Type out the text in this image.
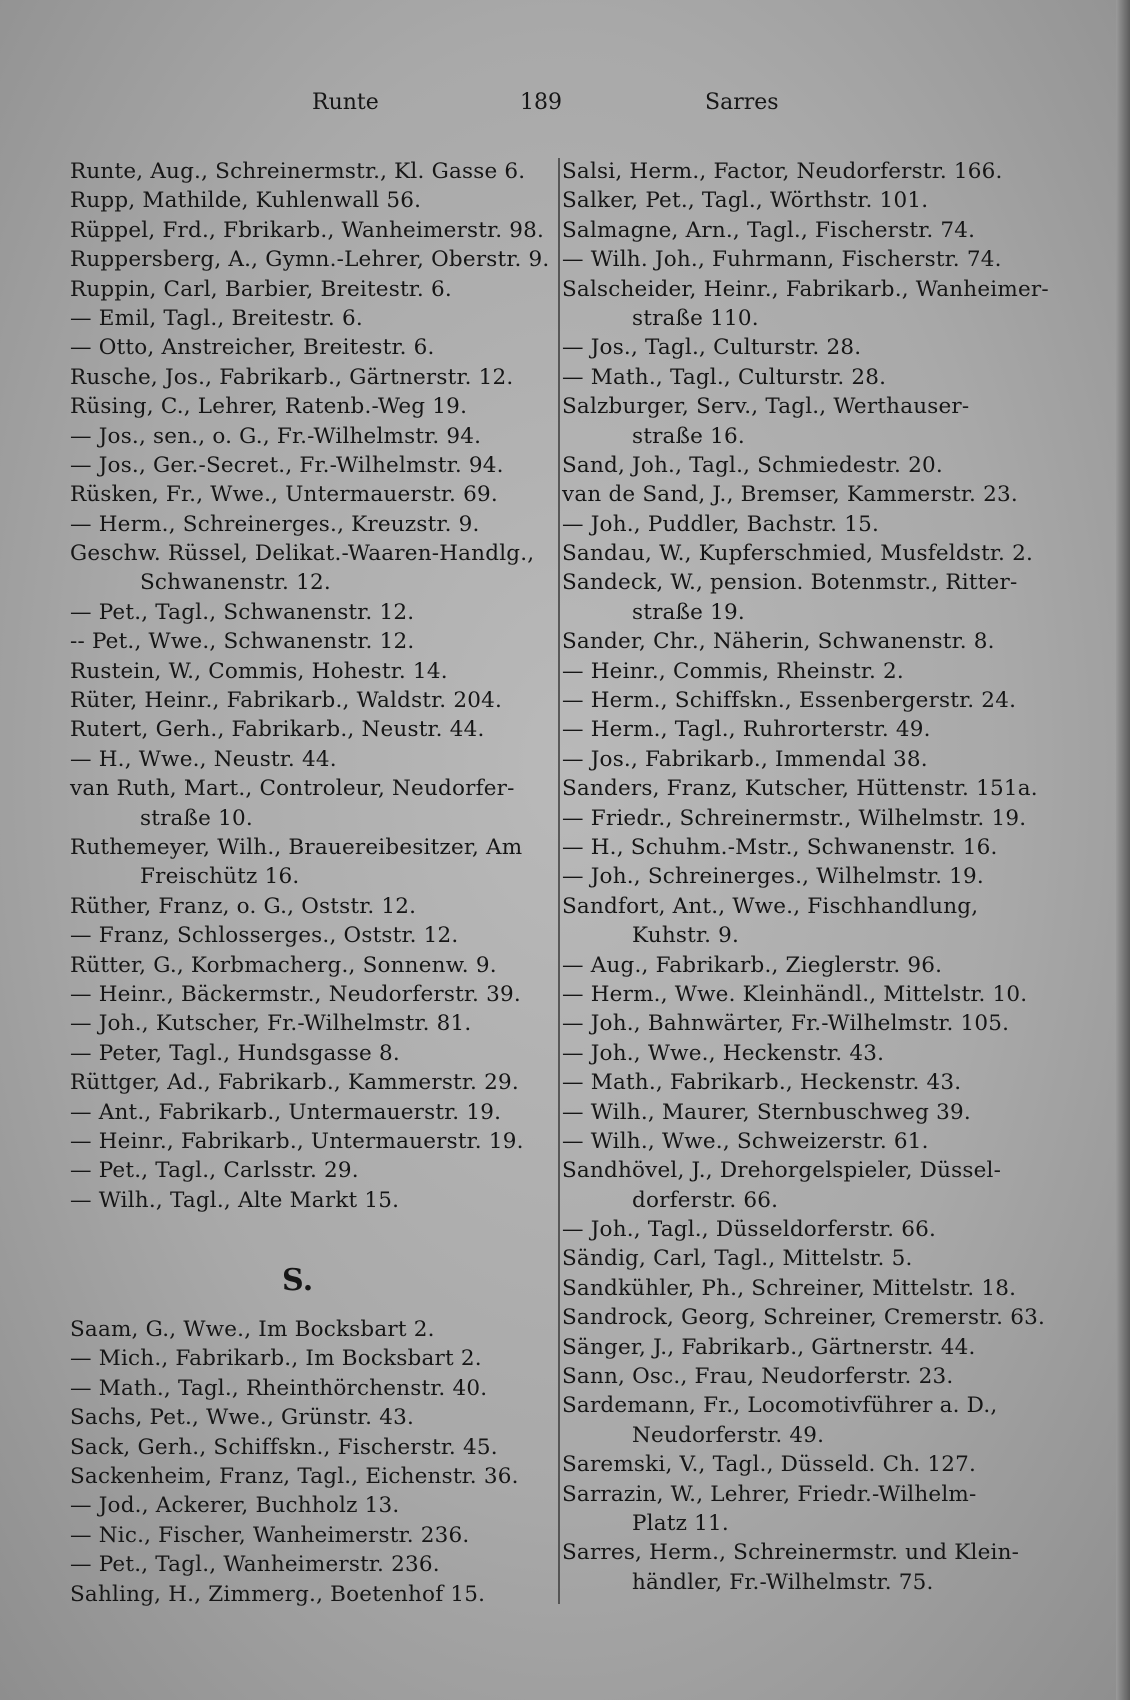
Runte	189	Sarres
Runte, Aug., Schreinermstr., Kl. Gasse 6.
Rupp, Mathilde, Kuhlenwall 56.
Rüppel, Frd., Fbrikarb., Wanheimerstr. 98.
Ruppersberg, A., Gymn.-Lehrer, Oberstr. 9.
Ruppin, Carl, Barbier, Breitestr. 6.
— Emil, Tagl., Breitestr. 6.
— Otto, Anstreicher, Breitestr. 6.
Rusche, Jos., Fabrikarb., Gärtnerstr. 12.
Rüsing, C., Lehrer, Ratenb.-Weg 19.
— Jos., sen., o. G., Fr.-Wilhelmstr. 94.
— Jos., Ger.-Secret., Fr.-Wilhelmstr. 94.
Rüsken, Fr., Wwe., Untermauerstr. 69.
— Herm., Schreinerges., Kreuzstr. 9.
Geschw. Rüssel, Delikat.-Waaren-Handlg.,
Schwanenstr. 12.
— Pet., Tagl., Schwanenstr. 12.
-- Pet., Wwe., Schwanenstr. 12.
Rustein, W., Commis, Hohestr. 14.
Rüter, Heinr., Fabrikarb., Waldstr. 204.
Rutert, Gerh., Fabrikarb., Neustr. 44.
— H., Wwe., Neustr. 44.
van Ruth, Mart., Controleur, Neudorfer-
straße 10.
Ruthemeyer, Wilh., Brauereibesitzer, Am
Freischütz 16.
Rüther, Franz, o. G., Oststr. 12.
— Franz, Schlosserges., Oststr. 12.
Rütter, G., Korbmacherg., Sonnenw. 9.
— Heinr., Bäckermstr., Neudorferstr. 39.
— Joh., Kutscher, Fr.-Wilhelmstr. 81.
— Peter, Tagl., Hundsgasse 8.
Rüttger, Ad., Fabrikarb., Kammerstr. 29.
— Ant., Fabrikarb., Untermauerstr. 19.
— Heinr., Fabrikarb., Untermauerstr. 19.
— Pet., Tagl., Carlsstr. 29.
— Wilh., Tagl., Alte Markt 15.
S.
Saam, G., Wwe., Im Bocksbart 2.
— Mich., Fabrikarb., Im Bocksbart 2.
— Math., Tagl., Rheinthörchenstr. 40.
Sachs, Pet., Wwe., Grünstr. 43.
Sack, Gerh., Schiffskn., Fischerstr. 45.
Sackenheim, Franz, Tagl., Eichenstr. 36.
— Jod., Ackerer, Buchholz 13.
— Nic., Fischer, Wanheimerstr. 236.
— Pet., Tagl., Wanheimerstr. 236.
Sahling, H., Zimmerg., Boetenhof 15.
Salsi, Herm., Factor, Neudorferstr. 166.
Salker, Pet., Tagl., Wörthstr. 101.
Salmagne, Arn., Tagl., Fischerstr. 74.
— Wilh. Joh., Fuhrmann, Fischerstr. 74.
Salscheider, Heinr., Fabrikarb., Wanheimer-
straße 110.
— Jos., Tagl., Culturstr. 28.
— Math., Tagl., Culturstr. 28.
Salzburger, Serv., Tagl., Werthauser-
straße 16.
Sand, Joh., Tagl., Schmiedestr. 20.
van de Sand, J., Bremser, Kammerstr. 23.
— Joh., Puddler, Bachstr. 15.
Sandau, W., Kupferschmied, Musfeldstr. 2.
Sandeck, W., pension. Botenmstr., Ritter-
straße 19.
Sander, Chr., Näherin, Schwanenstr. 8.
— Heinr., Commis, Rheinstr. 2.
— Herm., Schiffskn., Essenbergerstr. 24.
— Herm., Tagl., Ruhrorterstr. 49.
— Jos., Fabrikarb., Immendal 38.
Sanders, Franz, Kutscher, Hüttenstr. 151a.
— Friedr., Schreinermstr., Wilhelmstr. 19.
— H., Schuhm.-Mstr., Schwanenstr. 16.
— Joh., Schreinerges., Wilhelmstr. 19.
Sandfort, Ant., Wwe., Fischhandlung,
Kuhstr. 9.
— Aug., Fabrikarb., Zieglerstr. 96.
— Herm., Wwe. Kleinhändl., Mittelstr. 10.
— Joh., Bahnwärter, Fr.-Wilhelmstr. 105.
— Joh., Wwe., Heckenstr. 43.
— Math., Fabrikarb., Heckenstr. 43.
— Wilh., Maurer, Sternbuschweg 39.
— Wilh., Wwe., Schweizerstr. 61.
Sandhövel, J., Drehorgelspieler, Düssel-
dorferstr. 66.
— Joh., Tagl., Düsseldorferstr. 66.
Sändig, Carl, Tagl., Mittelstr. 5.
Sandkühler, Ph., Schreiner, Mittelstr. 18.
Sandrock, Georg, Schreiner, Cremerstr. 63.
Sänger, J., Fabrikarb., Gärtnerstr. 44.
Sann, Osc., Frau, Neudorferstr. 23.
Sardemann, Fr., Locomotivführer a. D.,
Neudorferstr. 49.
Saremski, V., Tagl., Düsseld. Ch. 127.
Sarrazin, W., Lehrer, Friedr.-Wilhelm-
Platz 11.
Sarres, Herm., Schreinermstr. und Klein-
händler, Fr.-Wilhelmstr. 75.
